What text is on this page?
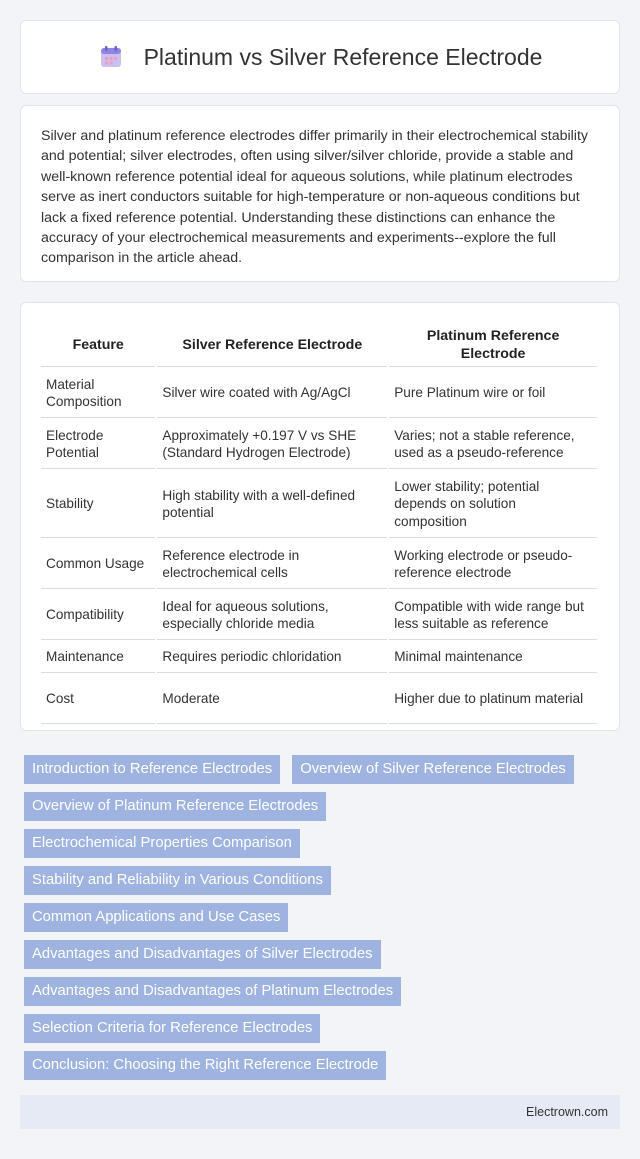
Platinum vs Silver Reference Electrode

Silver and platinum reference electrodes differ primarily in their electrochemical stability and potential; silver electrodes, often using silver/silver chloride, provide a stable and well-known reference potential ideal for aqueous solutions, while platinum electrodes serve as inert conductors suitable for high-temperature or non-aqueous conditions but lack a fixed reference potential. Understanding these distinctions can enhance the accuracy of your electrochemical measurements and experiments--explore the full comparison in the article ahead.

Feature	Silver Reference Electrode	Platinum Reference Electrode
Material Composition	Silver wire coated with Ag/AgCl	Pure Platinum wire or foil
Electrode Potential	Approximately +0.197 V vs SHE (Standard Hydrogen Electrode)	Varies; not a stable reference, used as a pseudo-reference
Stability	High stability with a well-defined potential	Lower stability; potential depends on solution composition
Common Usage	Reference electrode in electrochemical cells	Working electrode or pseudo-reference electrode
Compatibility	Ideal for aqueous solutions, especially chloride media	Compatible with wide range but less suitable as reference
Maintenance	Requires periodic chloridation	Minimal maintenance
Cost	Moderate	Higher due to platinum material
Introduction to Reference Electrodes	Overview of Silver Reference Electrodes
Overview of Platinum Reference Electrodes
Electrochemical Properties Comparison
Stability and Reliability in Various Conditions
Common Applications and Use Cases
Advantages and Disadvantages of Silver Electrodes
Advantages and Disadvantages of Platinum Electrodes
Selection Criteria for Reference Electrodes
Conclusion: Choosing the Right Reference Electrode
Electrown.com
